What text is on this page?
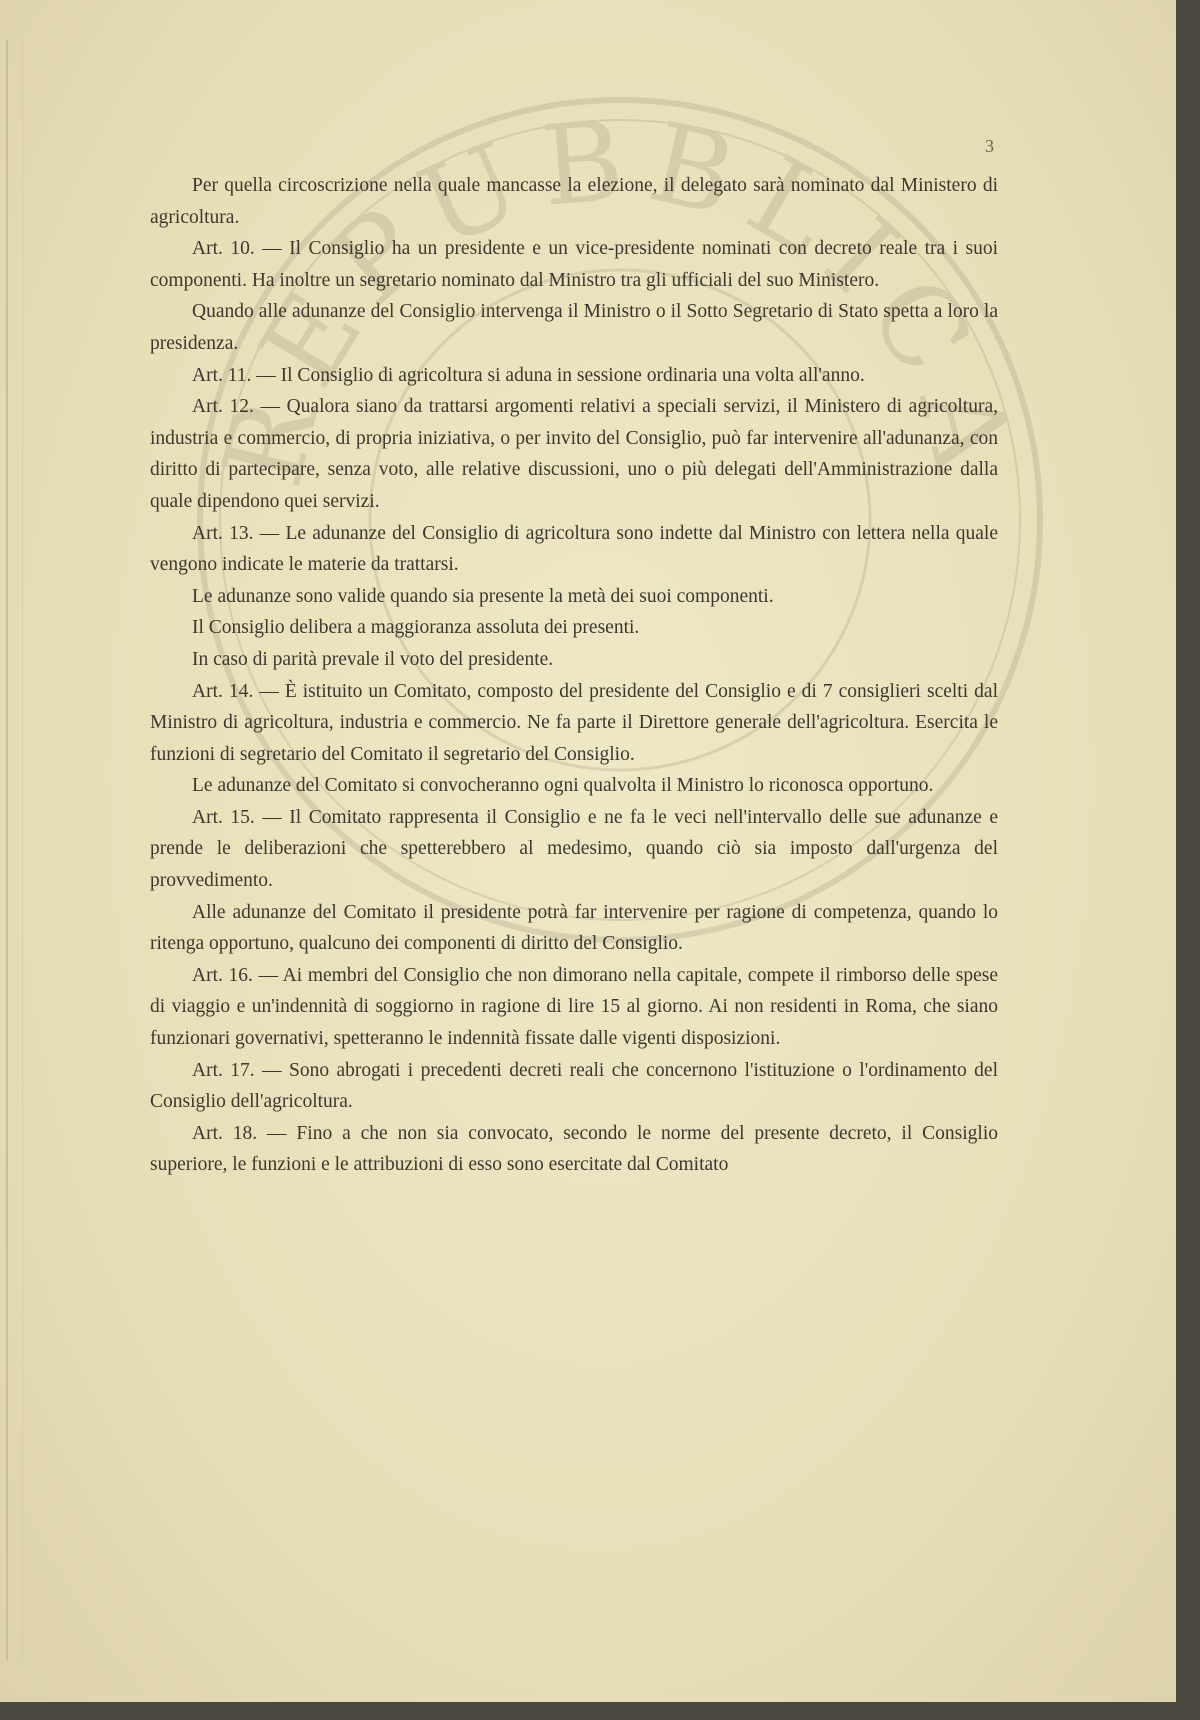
REPUBBLICA
3

Per quella circoscrizione nella quale mancasse la elezione, il delegato sarà nominato dal Ministero di agricoltura.

Art. 10. — Il Consiglio ha un presidente e un vice-presidente nominati con decreto reale tra i suoi componenti. Ha inoltre un segretario nominato dal Ministro tra gli ufficiali del suo Ministero.

Quando alle adunanze del Consiglio intervenga il Ministro o il Sotto Segretario di Stato spetta a loro la presidenza.

Art. 11. — Il Consiglio di agricoltura si aduna in sessione ordinaria una volta all'anno.

Art. 12. — Qualora siano da trattarsi argomenti relativi a speciali servizi, il Ministero di agricoltura, industria e commercio, di propria iniziativa, o per invito del Consiglio, può far intervenire all'adunanza, con diritto di partecipare, senza voto, alle relative discussioni, uno o più delegati dell'Amministrazione dalla quale dipendono quei servizi.

Art. 13. — Le adunanze del Consiglio di agricoltura sono indette dal Ministro con lettera nella quale vengono indicate le materie da trattarsi.

Le adunanze sono valide quando sia presente la metà dei suoi componenti.

Il Consiglio delibera a maggioranza assoluta dei presenti.

In caso di parità prevale il voto del presidente.

Art. 14. — È istituito un Comitato, composto del presidente del Consiglio e di 7 consiglieri scelti dal Ministro di agricoltura, industria e commercio. Ne fa parte il Direttore generale dell'agricoltura. Esercita le funzioni di segretario del Comitato il segretario del Consiglio.

Le adunanze del Comitato si convocheranno ogni qualvolta il Ministro lo riconosca opportuno.

Art. 15. — Il Comitato rappresenta il Consiglio e ne fa le veci nell'intervallo delle sue adunanze e prende le deliberazioni che spetterebbero al medesimo, quando ciò sia imposto dall'urgenza del provvedimento.

Alle adunanze del Comitato il presidente potrà far intervenire per ragione di competenza, quando lo ritenga opportuno, qualcuno dei componenti di diritto del Consiglio.

Art. 16. — Ai membri del Consiglio che non dimorano nella capitale, compete il rimborso delle spese di viaggio e un'indennità di soggiorno in ragione di lire 15 al giorno. Ai non residenti in Roma, che siano funzionari governativi, spetteranno le indennità fissate dalle vigenti disposizioni.

Art. 17. — Sono abrogati i precedenti decreti reali che concernono l'istituzione o l'ordinamento del Consiglio dell'agricoltura.

Art. 18. — Fino a che non sia convocato, secondo le norme del presente decreto, il Consiglio superiore, le funzioni e le attribuzioni di esso sono esercitate dal Comitato
